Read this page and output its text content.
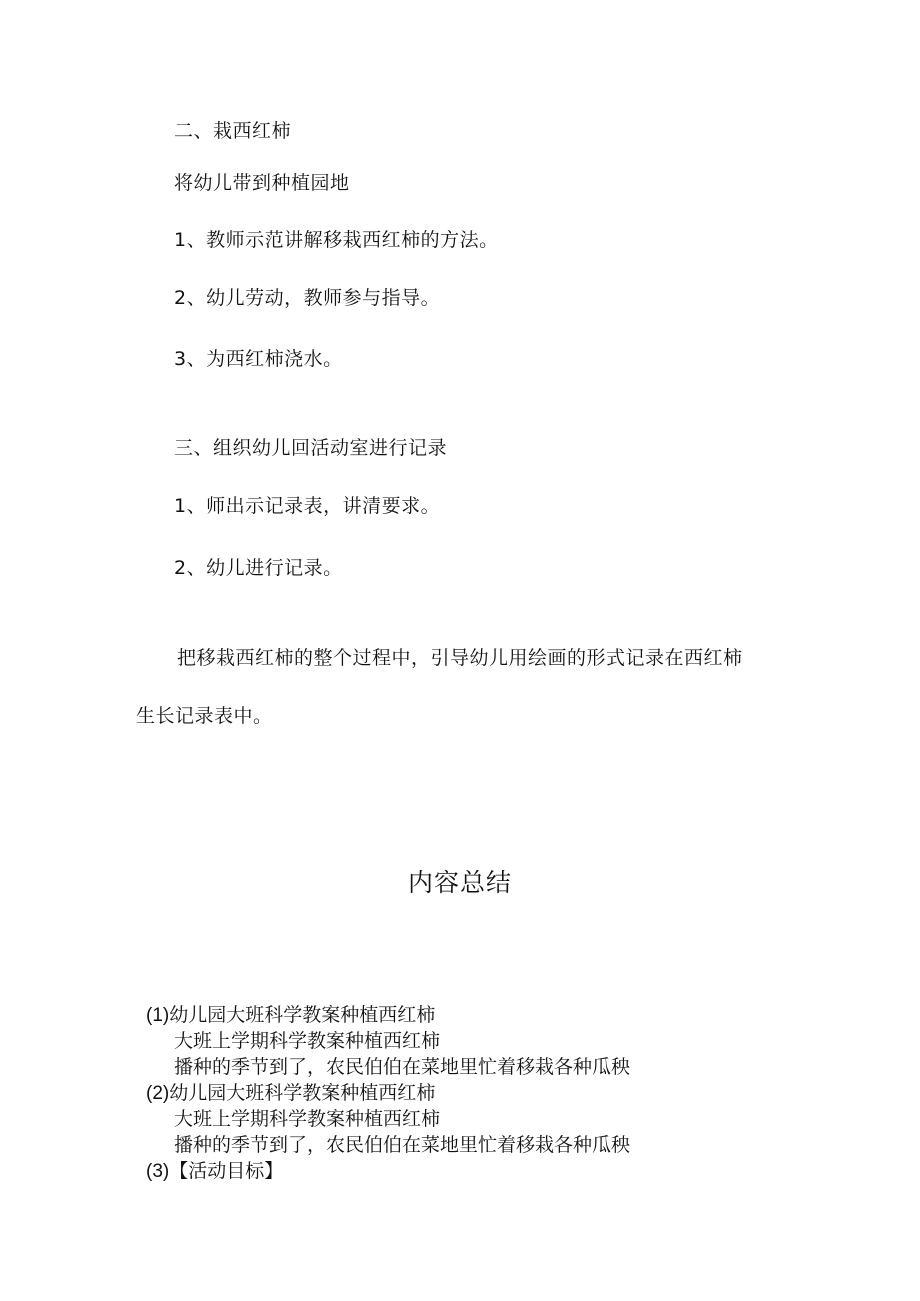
二、栽西红柿
将幼儿带到种植园地
1、教师示范讲解移栽西红柿的方法。
2、幼儿劳动，教师参与指导。
3、为西红柿浇水。
三、组织幼儿回活动室进行记录
1、师出示记录表，讲清要求。
2、幼儿进行记录。
把移栽西红柿的整个过程中，引导幼儿用绘画的形式记录在西红柿
生长记录表中。
内容总结
(1)幼儿园大班科学教案种植西红柿
大班上学期科学教案种植西红柿
播种的季节到了，农民伯伯在菜地里忙着移栽各种瓜秧
(2)幼儿园大班科学教案种植西红柿
大班上学期科学教案种植西红柿
播种的季节到了，农民伯伯在菜地里忙着移栽各种瓜秧
(3)【活动目标】
